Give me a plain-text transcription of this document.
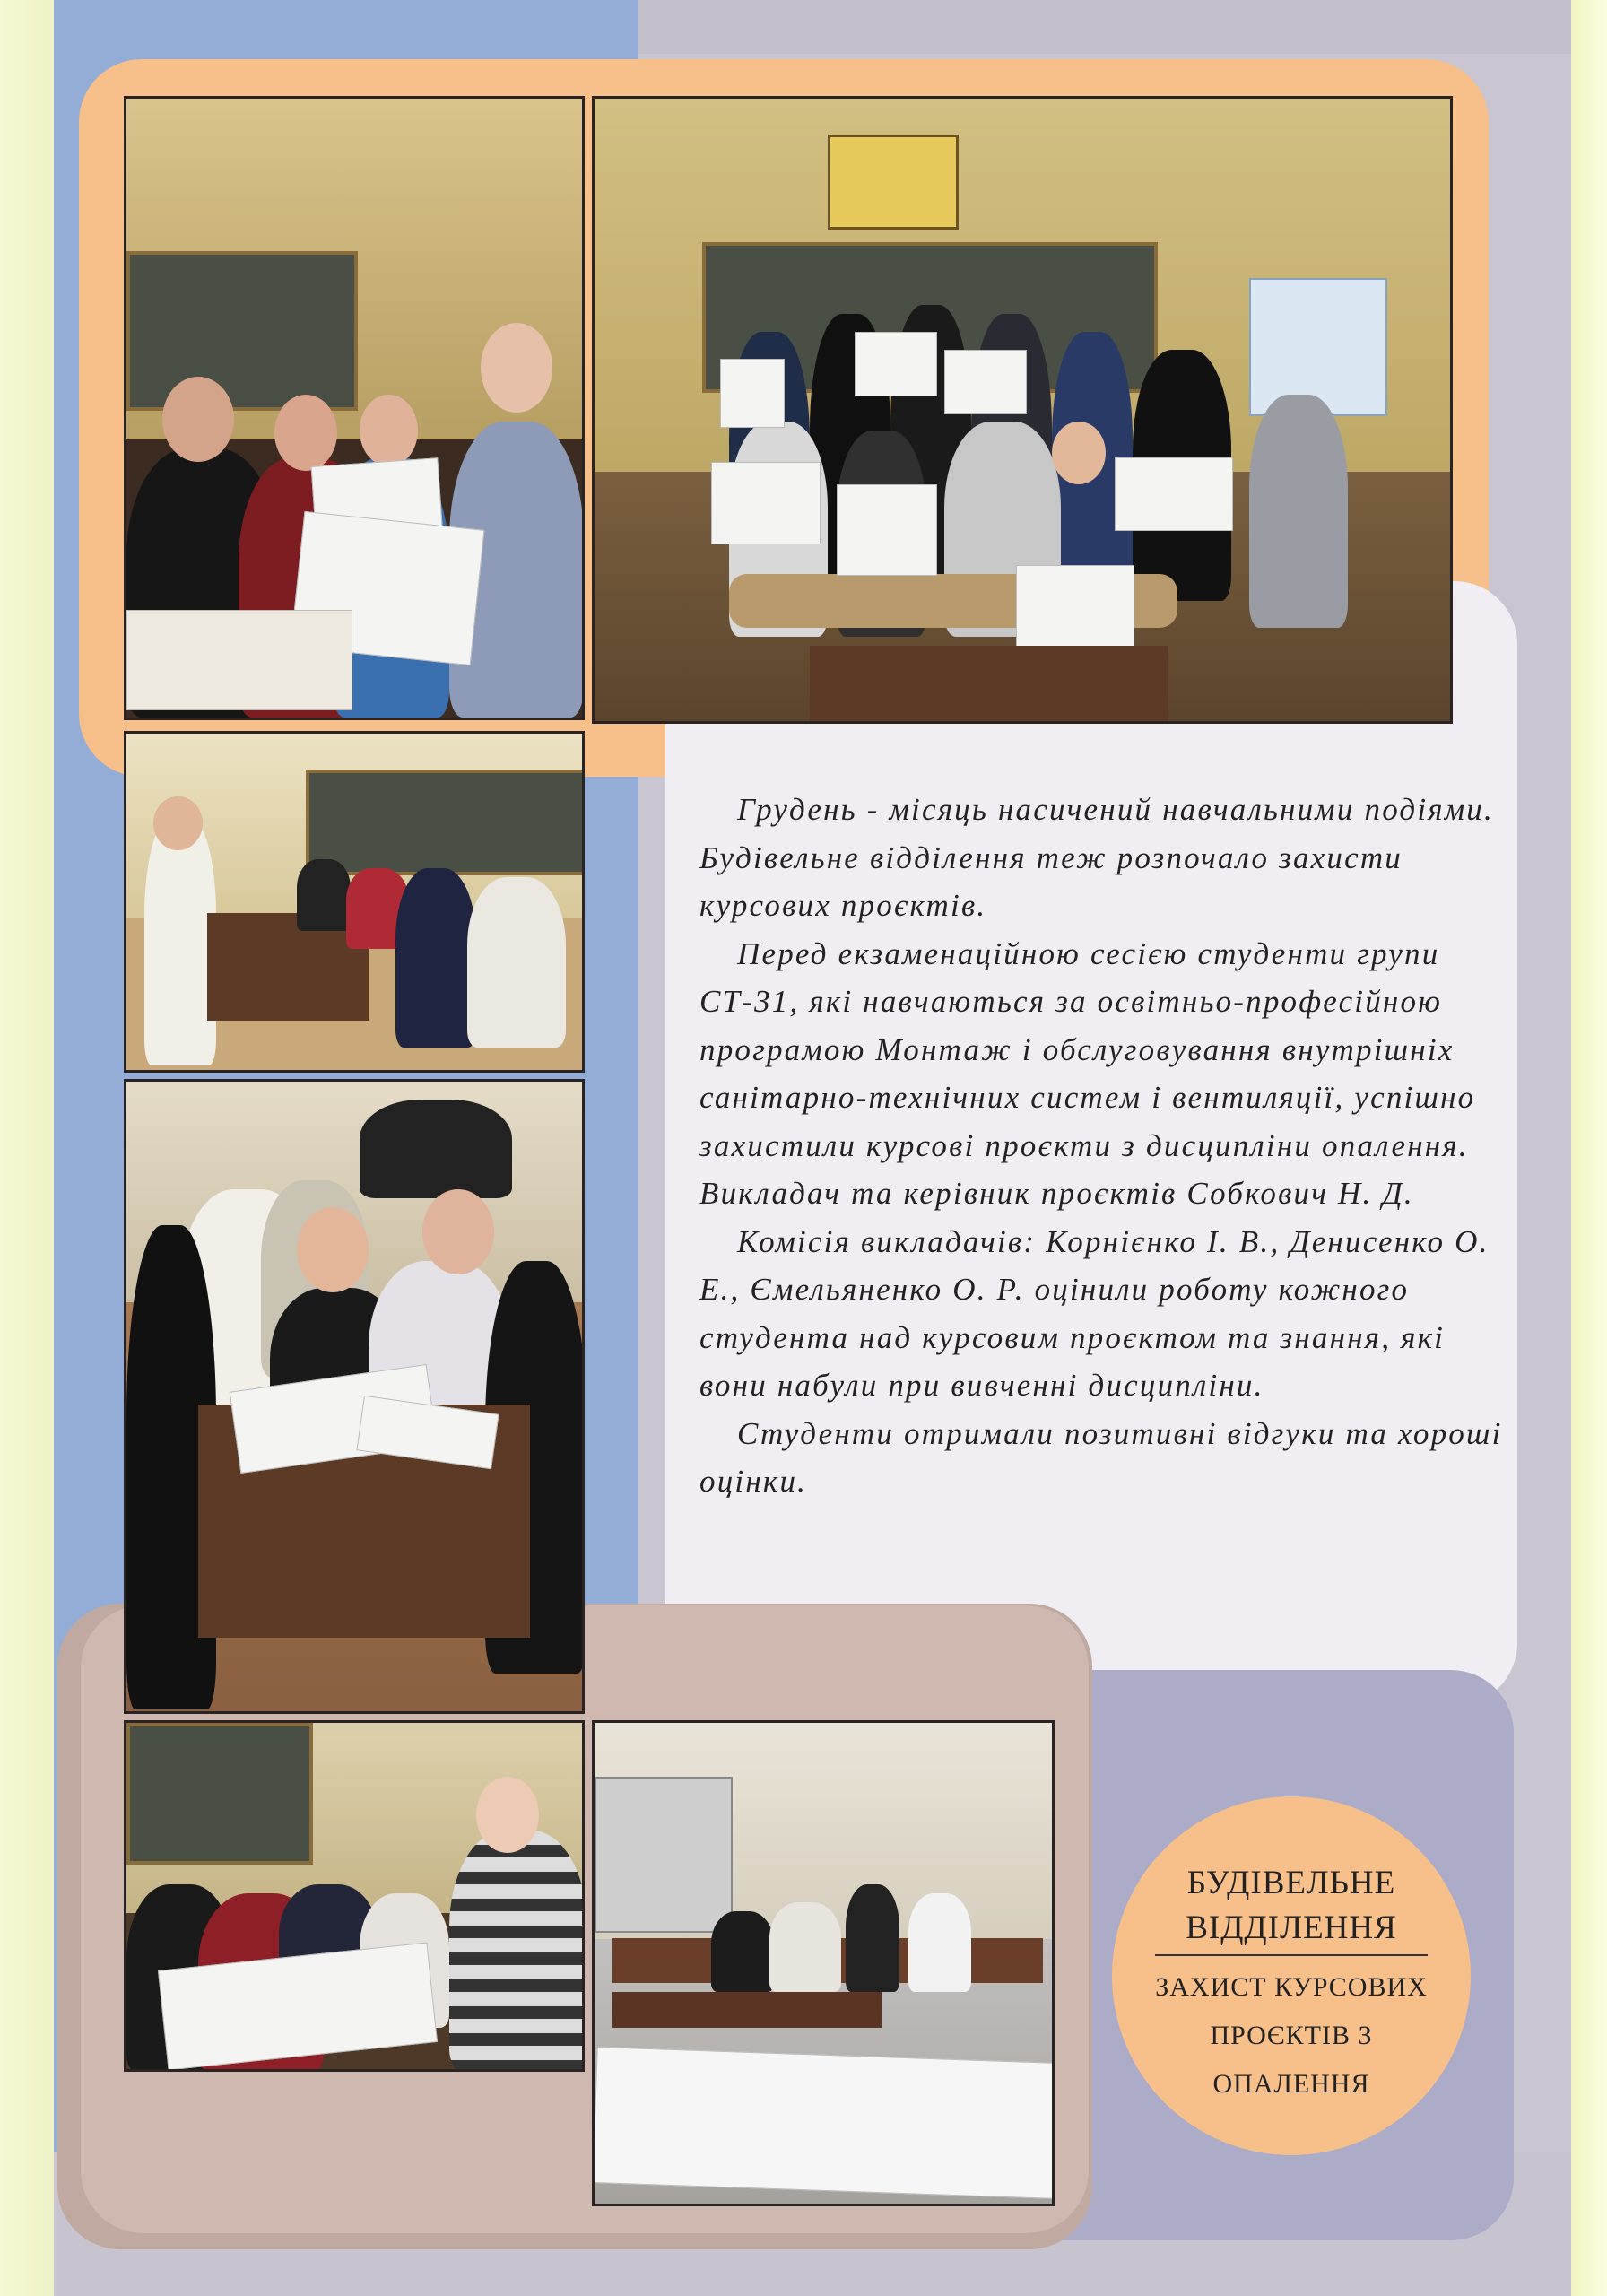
Грудень - місяць насичений навчальними подіями. Будівельне відділення теж розпочало захисти курсових проєктів.

Перед екзаменаційною сесією студенти групи СТ-31, які навчаються за освітньо-професійною програмою Монтаж і обслуговування внутрішніх санітарно-технічних систем і вентиляції, успішно захистили курсові проєкти з дисципліни опалення. Викладач та керівник проєктів Собкович Н. Д.

Комісія викладачів: Корнієнко І. В., Денисенко О. Е., Ємельяненко О. Р. оцінили роботу кожного студента над курсовим проєктом та знання, які вони набули при вивченні дисципліни.

Студенти отримали позитивні відгуки та хороші оцінки.

БУДІВЕЛЬНЕ
ВІДДІЛЕННЯ
ЗАХИСТ КУРСОВИХ
ПРОЄКТІВ З
ОПАЛЕННЯ
